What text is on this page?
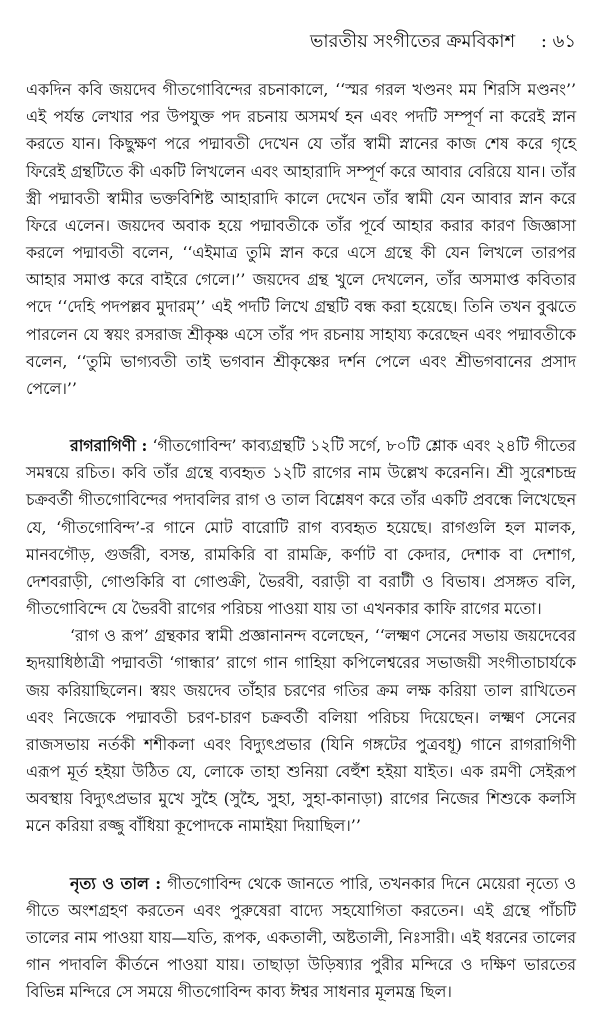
ভারতীয় সংগীতের ক্রমবিকাশ : ৬১

একদিন কবি জয়দেব গীতগোবিন্দের রচনাকালে, ‘‘স্মর গরল খণ্ডনং মম শিরসি মণ্ডনং’’ এই পর্যন্ত লেখার পর উপযুক্ত পদ রচনায় অসমর্থ হন এবং পদটি সম্পূর্ণ না করেই স্নান করতে যান। কিছুক্ষণ পরে পদ্মাবতী দেখেন যে তাঁর স্বামী স্নানের কাজ শেষ করে গৃহে ফিরেই গ্রন্থটিতে কী একটি লিখলেন এবং আহারাদি সম্পূর্ণ করে আবার বেরিয়ে যান। তাঁর স্ত্রী পদ্মাবতী স্বামীর ভক্তবিশিষ্ট আহারাদি কালে দেখেন তাঁর স্বামী যেন আবার স্নান করে ফিরে এলেন। জয়দেব অবাক হয়ে পদ্মাবতীকে তাঁর পূর্বে আহার করার কারণ জিজ্ঞাসা করলে পদ্মাবতী বলেন, ‘‘এইমাত্র তুমি স্নান করে এসে গ্রন্থে কী যেন লিখলে তারপর আহার সমাপ্ত করে বাইরে গেলে।’’ জয়দেব গ্রন্থ খুলে দেখলেন, তাঁর অসমাপ্ত কবিতার পদে ‘‘দেহি পদপল্লব মুদারম্’’ এই পদটি লিখে গ্রন্থটি বন্ধ করা হয়েছে। তিনি তখন বুঝতে পারলেন যে স্বয়ং রসরাজ শ্রীকৃষ্ণ এসে তাঁর পদ রচনায় সাহায্য করেছেন এবং পদ্মাবতীকে বলেন, ‘‘তুমি ভাগ্যবতী তাই ভগবান শ্রীকৃষ্ণের দর্শন পেলে এবং শ্রীভগবানের প্রসাদ পেলে।’’

রাগরাগিণী : ‘গীতগোবিন্দ’ কাব্যগ্রন্থটি ১২টি সর্গে, ৮০টি শ্লোক এবং ২৪টি গীতের সমন্বয়ে রচিত। কবি তাঁর গ্রন্থে ব্যবহৃত ১২টি রাগের নাম উল্লেখ করেননি। শ্রী সুরেশচন্দ্র চক্রবর্তী গীতগোবিন্দের পদাবলির রাগ ও তাল বিশ্লেষণ করে তাঁর একটি প্রবন্ধে লিখেছেন যে, ‘গীতগোবিন্দ’-র গানে মোট বারোটি রাগ ব্যবহৃত হয়েছে। রাগগুলি হল মালক, মানবগৌড়, গুর্জরী, বসন্ত, রামকিরি বা রামক্রি, কর্ণাট বা কেদার, দেশাক বা দেশাগ, দেশবরাড়ী, গোণ্ডকিরি বা গোণ্ডক্রী, ভৈরবী, বরাড়ী বা বরাটী ও বিভাষ। প্রসঙ্গত বলি, গীতগোবিন্দে যে ভৈরবী রাগের পরিচয় পাওয়া যায় তা এখনকার কাফি রাগের মতো।

‘রাগ ও রূপ’ গ্রন্থকার স্বামী প্রজ্ঞানানন্দ বলেছেন, ‘‘লক্ষ্মণ সেনের সভায় জয়দেবের হৃদয়াধিষ্ঠাত্রী পদ্মাবতী ‘গান্ধার’ রাগে গান গাহিয়া কপিলেশ্বরের সভাজয়ী সংগীতাচার্যকে জয় করিয়াছিলেন। স্বয়ং জয়দেব তাঁহার চরণের গতির ক্রম লক্ষ করিয়া তাল রাখিতেন এবং নিজেকে পদ্মাবতী চরণ-চারণ চক্রবর্তী বলিয়া পরিচয় দিয়েছেন। লক্ষ্মণ সেনের রাজসভায় নর্তকী শশীকলা এবং বিদ্যুৎপ্রভার (যিনি গঙ্গটের পুত্রবধূ) গানে রাগরাগিণী এরূপ মূর্ত হইয়া উঠিত যে, লোকে তাহা শুনিয়া বেহুঁশ হইয়া যাইত। এক রমণী সেইরূপ অবস্থায় বিদ্যুৎপ্রভার মুখে সুহৈ (সুহৈ, সুহা, সুহা-কানাড়া) রাগের নিজের শিশুকে কলসি মনে করিয়া রজ্জু বাঁধিয়া কূপোদকে নামাইয়া দিয়াছিল।’’

নৃত্য ও তাল : গীতগোবিন্দ থেকে জানতে পারি, তখনকার দিনে মেয়েরা নৃত্যে ও গীতে অংশগ্রহণ করতেন এবং পুরুষেরা বাদ্যে সহযোগিতা করতেন। এই গ্রন্থে পাঁচটি তালের নাম পাওয়া যায়—যতি, রূপক, একতালী, অষ্টতালী, নিঃসারী। এই ধরনের তালের গান পদাবলি কীর্তনে পাওয়া যায়। তাছাড়া উড়িষ্যার পুরীর মন্দিরে ও দক্ষিণ ভারতের বিভিন্ন মন্দিরে সে সময়ে গীতগোবিন্দ কাব্য ঈশ্বর সাধনার মূলমন্ত্র ছিল।
